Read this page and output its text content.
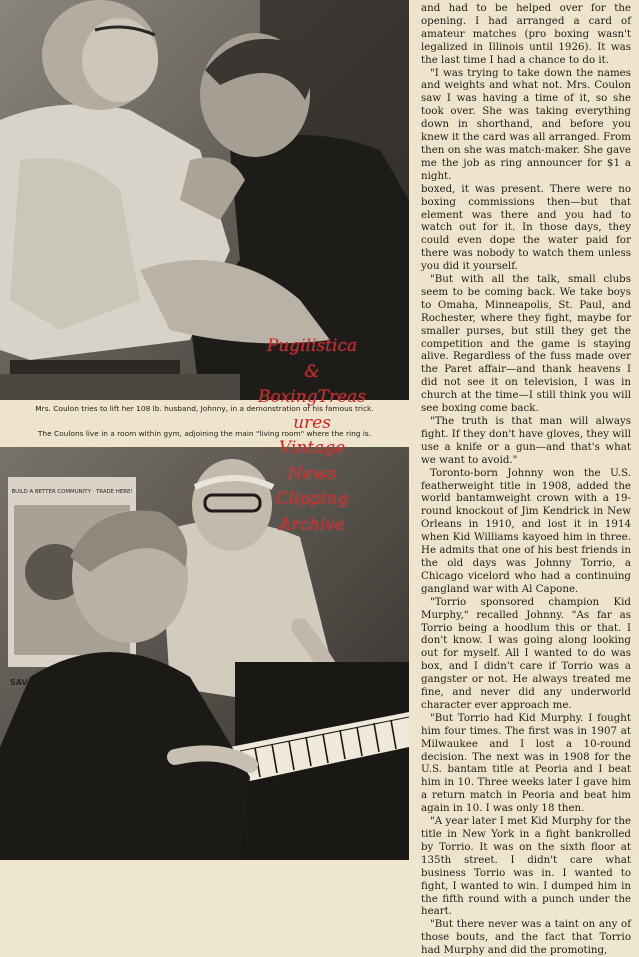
Mrs. Coulon tries to lift her 108 lb. husband, Johnny, in a demonstration of his famous trick.
The Coulons live in a room within gym, adjoining the main "living room" where the ring is.
BUILD A BETTER COMMUNITY · TRADE HERE!
SAV
Pugilistica
&
BoxingTreas
ures
Vintage
News
Clipping
Archive

and had to be helped over for the opening. I had arranged a card of amateur matches (pro boxing wasn't legalized in Illinois until 1926). It was the last time I had a chance to do it.

"I was trying to take down the names and weights and what not. Mrs. Coulon saw I was having a time of it, so she took over. She was taking everything down in shorthand, and before you knew it the card was all arranged. From then on she was match-maker. She gave me the job as ring announcer for $1 a night.

boxed, it was present. There were no boxing commissions then—but that element was there and you had to watch out for it. In those days, they could even dope the water paid for there was nobody to watch them unless you did it yourself.

"But with all the talk, small clubs seem to be coming back. We take boys to Omaha, Minneapolis, St. Paul, and Rochester, where they fight, maybe for smaller purses, but still they get the competition and the game is staying alive. Regardless of the fuss made over the Paret affair—and thank heavens I did not see it on television, I was in church at the time—I still think you will see boxing come back.

"The truth is that man will always fight. If they don't have gloves, they will use a knife or a gun—and that's what we want to avoid."

Toronto-born Johnny won the U.S. featherweight title in 1908, added the world bantamweight crown with a 19-round knockout of Jim Kendrick in New Orleans in 1910, and lost it in 1914 when Kid Williams kayoed him in three. He admits that one of his best friends in the old days was Johnny Torrio, a Chicago vicelord who had a continuing gangland war with Al Capone.

"Torrio sponsored champion Kid Murphy," recalled Johnny. "As far as Torrio being a hoodlum this or that. I don't know. I was going along looking out for myself. All I wanted to do was box, and I didn't care if Torrio was a gangster or not. He always treated me fine, and never did any underworld character ever approach me.

"But Torrio had Kid Murphy. I fought him four times. The first was in 1907 at Milwaukee and I lost a 10-round decision. The next was in 1908 for the U.S. bantam title at Peoria and I beat him in 10. Three weeks later I gave him a return match in Peoria and beat him again in 10. I was only 18 then.

"A year later I met Kid Murphy for the title in New York in a fight bankrolled by Torrio. It was on the sixth floor at 135th street. I didn't care what business Torrio was in. I wanted to fight, I wanted to win. I dumped him in the fifth round with a punch under the heart.

"But there never was a taint on any of those bouts, and the fact that Torrio had Murphy and did the promoting,
